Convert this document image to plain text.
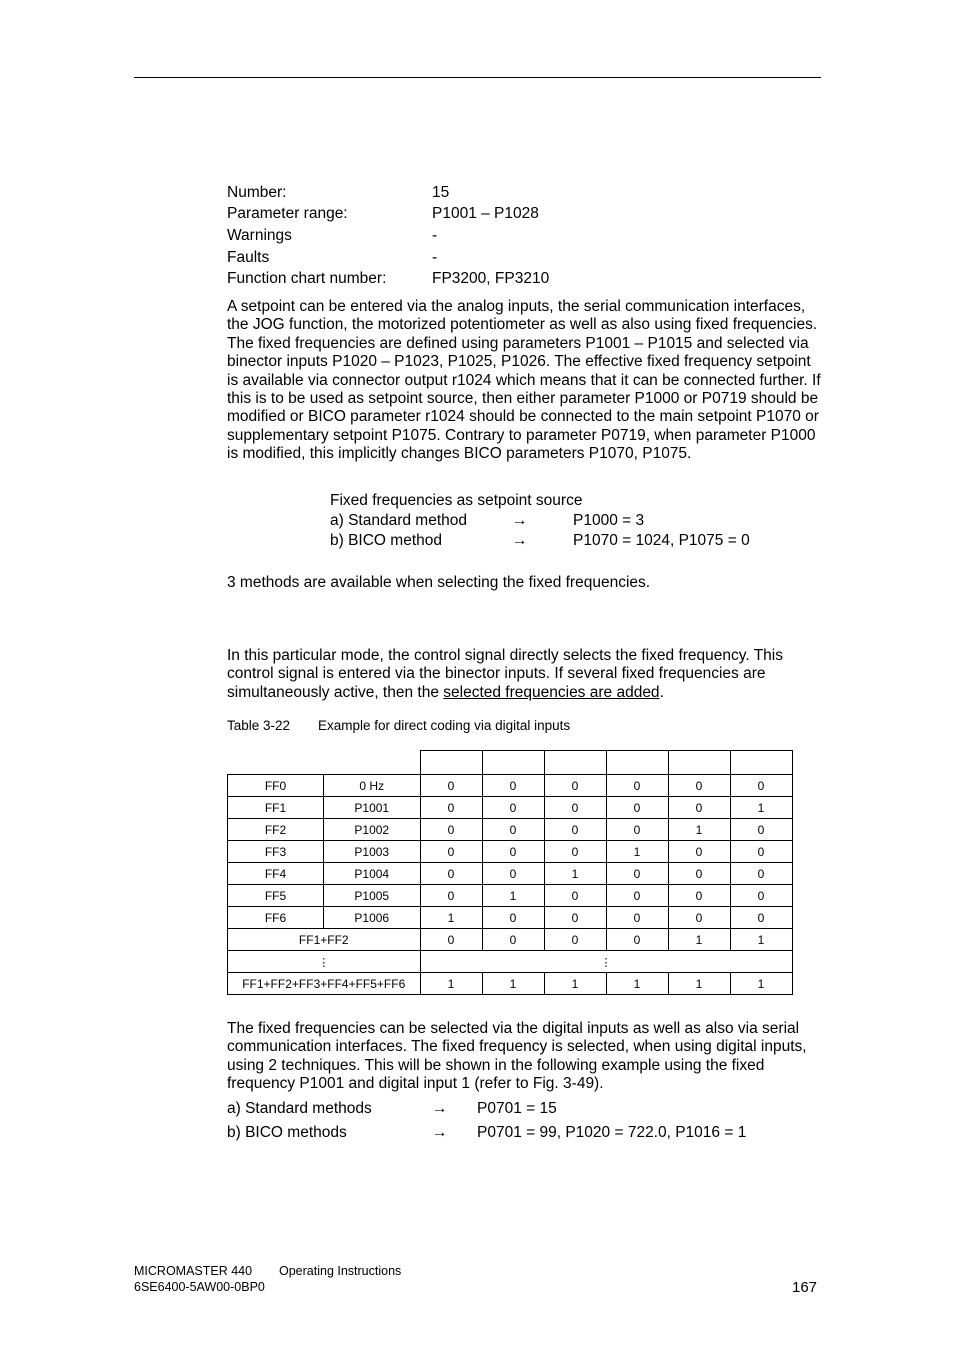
Number:	15
Parameter range:	P1001 – P1028
Warnings	-
Faults	-
Function chart number:	FP3200, FP3210
A setpoint can be entered via the analog inputs, the serial communication interfaces, the JOG function, the motorized potentiometer as well as also using fixed frequencies. The fixed frequencies are defined using parameters P1001 – P1015 and selected via binector inputs P1020 – P1023, P1025, P1026. The effective fixed frequency setpoint is available via connector output r1024 which means that it can be connected further. If this is to be used as setpoint source, then either parameter P1000 or P0719 should be modified or BICO parameter r1024 should be connected to the main setpoint P1070 or supplementary setpoint P1075. Contrary to parameter P0719, when parameter P1000 is modified, this implicitly changes BICO parameters P1070, P1075.
Fixed frequencies as setpoint source
a) Standard method	→	P1000 = 3
b) BICO method	→	P1070 = 1024, P1075 = 0
3 methods are available when selecting the fixed frequencies.
In this particular mode, the control signal directly selects the fixed frequency. This control signal is entered via the binector inputs. If several fixed frequencies are simultaneously active, then the selected frequencies are added.
Table 3-22 Example for direct coding via digital inputs

FF0	0 Hz	0	0	0	0	0	0
FF1	P1001	0	0	0	0	0	1
FF2	P1002	0	0	0	0	1	0
FF3	P1003	0	0	0	1	0	0
FF4	P1004	0	0	1	0	0	0
FF5	P1005	0	1	0	0	0	0
FF6	P1006	1	0	0	0	0	0
FF1+FF2		0	0	0	0	1	1
⋮		⋮					
FF1+FF2+FF3+FF4+FF5+FF6		1	1	1	1	1	1
The fixed frequencies can be selected via the digital inputs as well as also via serial communication interfaces. The fixed frequency is selected, when using digital inputs, using 2 techniques. This will be shown in the following example using the fixed frequency P1001 and digital input 1 (refer to Fig. 3-49).
a) Standard methods	→ P0701 = 15
b) BICO methods	→ P0701 = 99, P1020 = 722.0, P1016 = 1
MICROMASTER 440 Operating Instructions
6SE6400-5AW00-0BP0	167
